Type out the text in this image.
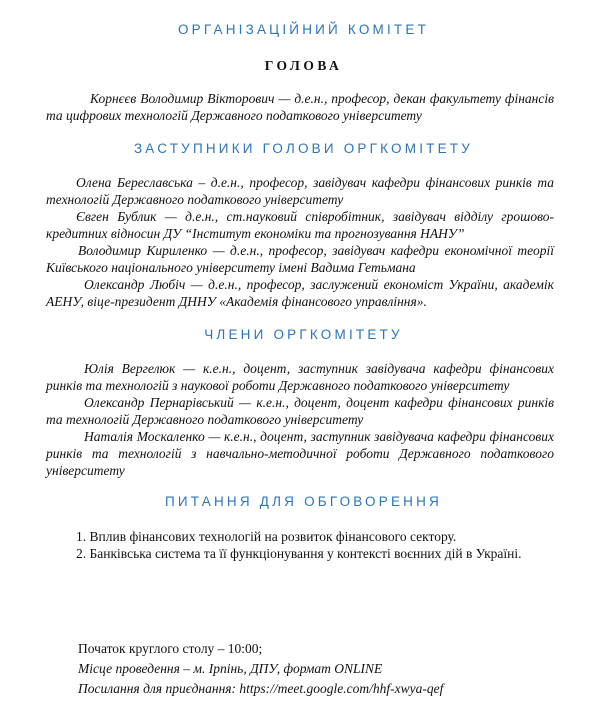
ОРГАНІЗАЦІЙНИЙ КОМІТЕТ
ГОЛОВА
Корнєєв Володимир Вікторович — д.е.н., професор, декан факультету фінансів та цифрових технологій Державного податкового університету
ЗАСТУПНИКИ ГОЛОВИ ОРГКОМІТЕТУ
Олена Береславська – д.е.н., професор, завідувач кафедри фінансових ринків та технологій Державного податкового університету
Євген Бублик — д.е.н., ст.науковий співробітник, завідувач відділу грошово-кредитних відносин ДУ “Інститут економіки та прогнозування НАНУ”
Володимир Кириленко — д.е.н., професор, завідувач кафедри економічної теорії Київського національного університету імені Вадима Гетьмана
Олександр Любіч — д.е.н., професор, заслужений економіст України, академік АЕНУ, віце-президент ДННУ «Академія фінансового управління».
ЧЛЕНИ ОРГКОМІТЕТУ
Юлія Вергелюк — к.е.н., доцент, заступник завідувача кафедри фінансових ринків та технологій з наукової роботи Державного податкового університету
Олександр Пернарівський — к.е.н., доцент, доцент кафедри фінансових ринків та технологій Державного податкового університету
Наталія Москаленко — к.е.н., доцент, заступник завідувача кафедри фінансових ринків та технологій з навчально-методичної роботи Державного податкового університету
ПИТАННЯ ДЛЯ ОБГОВОРЕННЯ
1. Вплив фінансових технологій на розвиток фінансового сектору.
2. Банківська система та її функціонування у контексті воєнних дій в Україні.
Початок круглого столу – 10:00;
Місце проведення – м. Ірпінь, ДПУ, формат ONLINE
Посилання для приєднання: https://meet.google.com/hhf-xwya-qef
